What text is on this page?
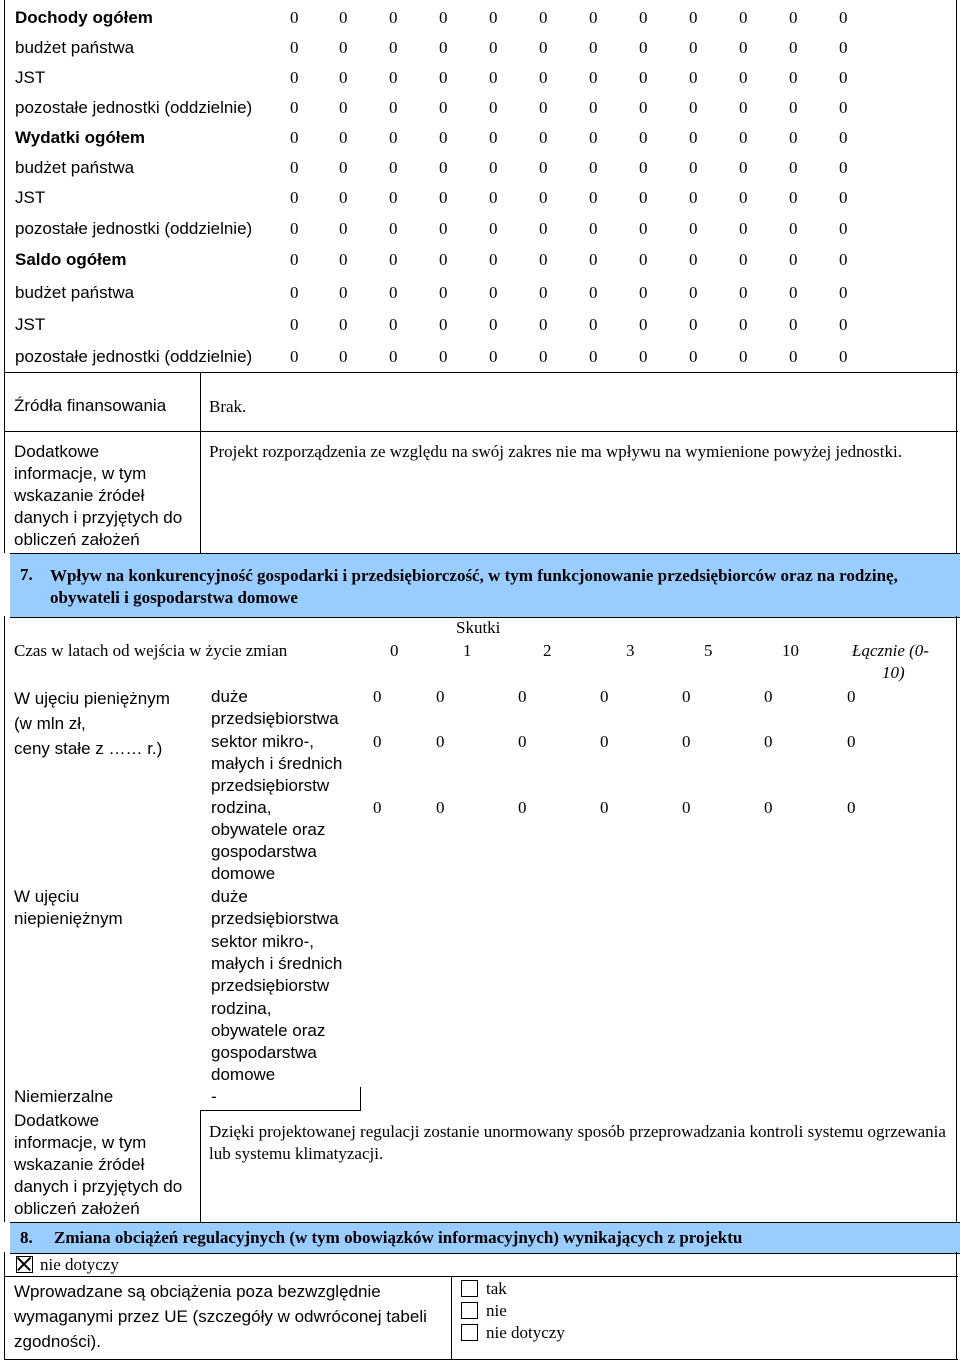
Dochody ogółem	0	0	0	0	0	0	0	0	0	0	0	0
budżet państwa	0	0	0	0	0	0	0	0	0	0	0	0
JST	0	0	0	0	0	0	0	0	0	0	0	0
pozostałe jednostki (oddzielnie) 0	0	0	0	0	0	0	0	0	0	0	0
Wydatki ogółem	0	0	0	0	0	0	0	0	0	0	0	0
budżet państwa	0	0	0	0	0	0	0	0	0	0	0	0
JST	0	0	0	0	0	0	0	0	0	0	0	0
pozostałe jednostki (oddzielnie) 0	0	0	0	0	0	0	0	0	0	0	0
Saldo ogółem	0	0	0	0	0	0	0	0	0	0	0	0
budżet państwa	0	0	0	0	0	0	0	0	0	0	0	0
JST	0	0	0	0	0	0	0	0	0	0	0	0
pozostałe jednostki (oddzielnie) 0	0	0	0	0	0	0	0	0	0	0	0
Źródła finansowania	Brak.
Dodatkowe
informacje, w tym
wskazanie źródeł
danych i przyjętych do
obliczeń założeń
Projekt rozporządzenia ze względu na swój zakres nie ma wpływu na wymienione powyżej jednostki.
7. Wpływ na konkurencyjność gospodarki i przedsiębiorczość, w tym funkcjonowanie przedsiębiorców oraz na rodzinę, obywateli i gospodarstwa domowe
Skutki
Czas w latach od wejścia w życie zmian	0	1	2	3	5	10	Łącznie (0-
10)
W ujęciu pieniężnym
(w mln zł,
ceny stałe z …… r.)
duże
przedsiębiorstwa
0	0	0	0	0	0	0
sektor mikro-,
małych i średnich
przedsiębiorstw
0	0	0	0	0	0	0
rodzina,
obywatele oraz
gospodarstwa
domowe
0	0	0	0	0	0	0
W ujęciu
niepieniężnym
duże
przedsiębiorstwa
sektor mikro-,
małych i średnich
przedsiębiorstw
rodzina,
obywatele oraz
gospodarstwa
domowe
Niemierzalne	-
Dodatkowe
informacje, w tym
wskazanie źródeł
danych i przyjętych do
obliczeń założeń
Dzięki projektowanej regulacji zostanie unormowany sposób przeprowadzania kontroli systemu ogrzewania lub systemu klimatyzacji.
8. Zmiana obciążeń regulacyjnych (w tym obowiązków informacyjnych) wynikających z projektu
nie dotyczy
Wprowadzane są obciążenia poza bezwzględnie wymaganymi przez UE (szczegóły w odwróconej tabeli zgodności).
tak
nie
nie dotyczy
